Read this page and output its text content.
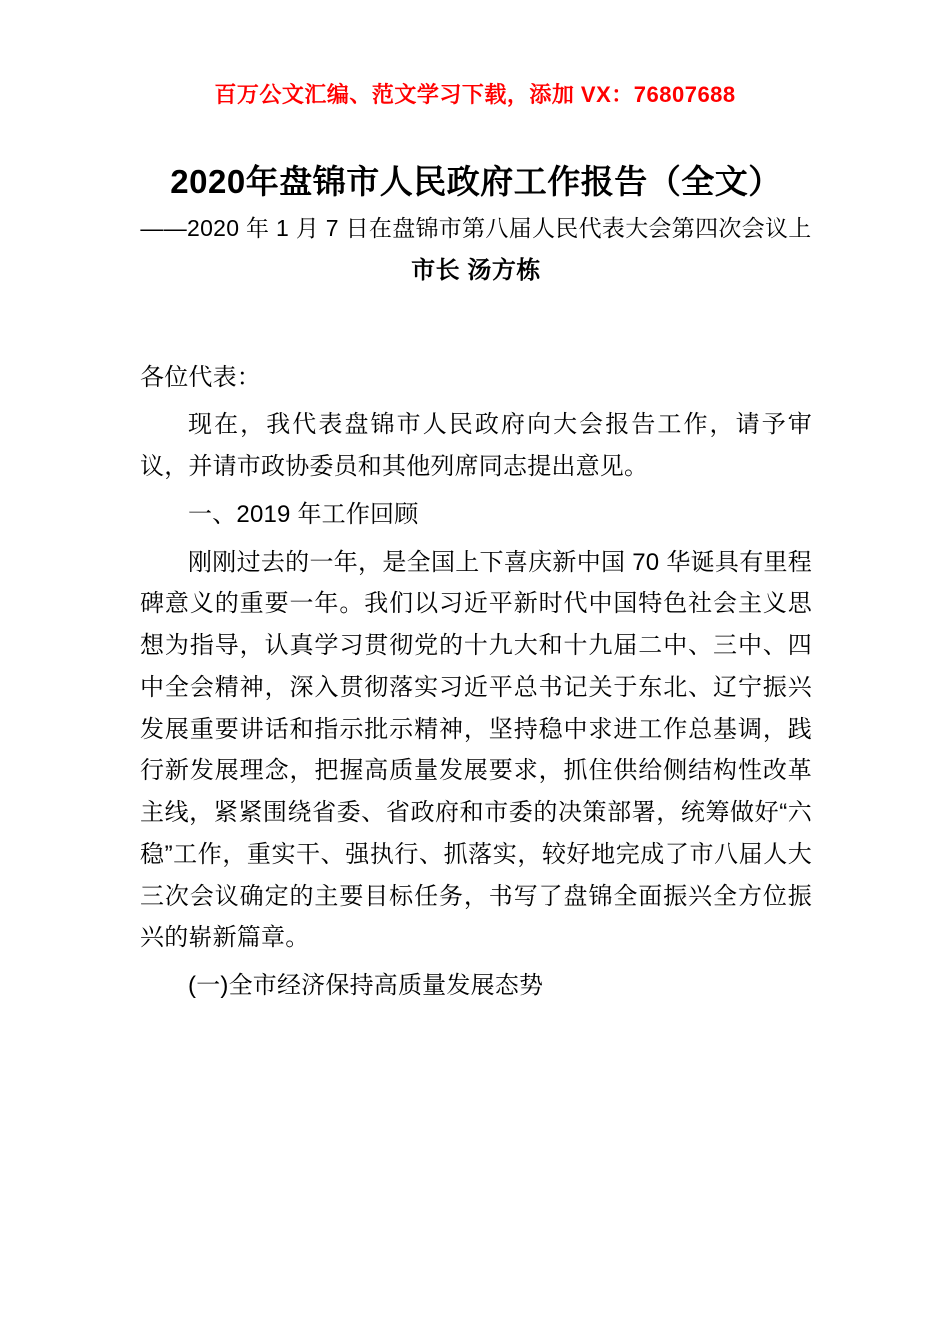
百万公文汇编、范文学习下载，添加 VX：76807688
2020年盘锦市人民政府工作报告（全文）
——2020 年 1 月 7 日在盘锦市第八届人民代表大会第四次会议上
市长 汤方栋

各位代表：

现在，我代表盘锦市人民政府向大会报告工作，请予审议，并请市政协委员和其他列席同志提出意见。

一、2019 年工作回顾

刚刚过去的一年，是全国上下喜庆新中国 70 华诞具有里程碑意义的重要一年。我们以习近平新时代中国特色社会主义思想为指导，认真学习贯彻党的十九大和十九届二中、三中、四中全会精神，深入贯彻落实习近平总书记关于东北、辽宁振兴发展重要讲话和指示批示精神，坚持稳中求进工作总基调，践行新发展理念，把握高质量发展要求，抓住供给侧结构性改革主线，紧紧围绕省委、省政府和市委的决策部署，统筹做好“六稳”工作，重实干、强执行、抓落实，较好地完成了市八届人大三次会议确定的主要目标任务，书写了盘锦全面振兴全方位振兴的崭新篇章。

(一)全市经济保持高质量发展态势
